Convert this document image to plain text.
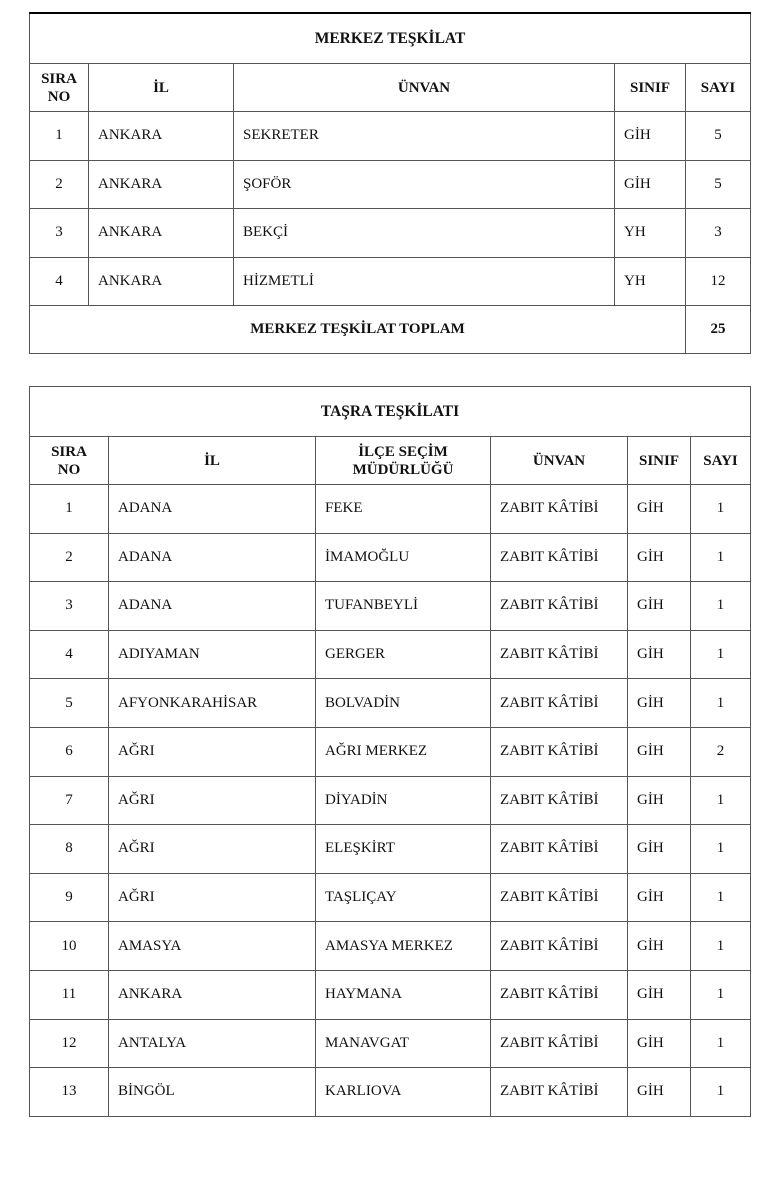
MERKEZ TEŞKİLAT				
SIRA
NO	İL	ÜNVAN	SINIF	SAYI
1	ANKARA	SEKRETER	GİH	5
2	ANKARA	ŞOFÖR	GİH	5
3	ANKARA	BEKÇİ	YH	3
4	ANKARA	HİZMETLİ	YH	12
MERKEZ TEŞKİLAT TOPLAM				25
TAŞRA TEŞKİLATI					
SIRA
NO	İL	İLÇE SEÇİM
MÜDÜRLÜĞÜ	ÜNVAN	SINIF	SAYI
1	ADANA	FEKE	ZABIT KÂTİBİ	GİH	1
2	ADANA	İMAMOĞLU	ZABIT KÂTİBİ	GİH	1
3	ADANA	TUFANBEYLİ	ZABIT KÂTİBİ	GİH	1
4	ADIYAMAN	GERGER	ZABIT KÂTİBİ	GİH	1
5	AFYONKARAHİSAR	BOLVADİN	ZABIT KÂTİBİ	GİH	1
6	AĞRI	AĞRI MERKEZ	ZABIT KÂTİBİ	GİH	2
7	AĞRI	DİYADİN	ZABIT KÂTİBİ	GİH	1
8	AĞRI	ELEŞKİRT	ZABIT KÂTİBİ	GİH	1
9	AĞRI	TAŞLIÇAY	ZABIT KÂTİBİ	GİH	1
10	AMASYA	AMASYA MERKEZ	ZABIT KÂTİBİ	GİH	1
11	ANKARA	HAYMANA	ZABIT KÂTİBİ	GİH	1
12	ANTALYA	MANAVGAT	ZABIT KÂTİBİ	GİH	1
13	BİNGÖL	KARLIOVA	ZABIT KÂTİBİ	GİH	1
